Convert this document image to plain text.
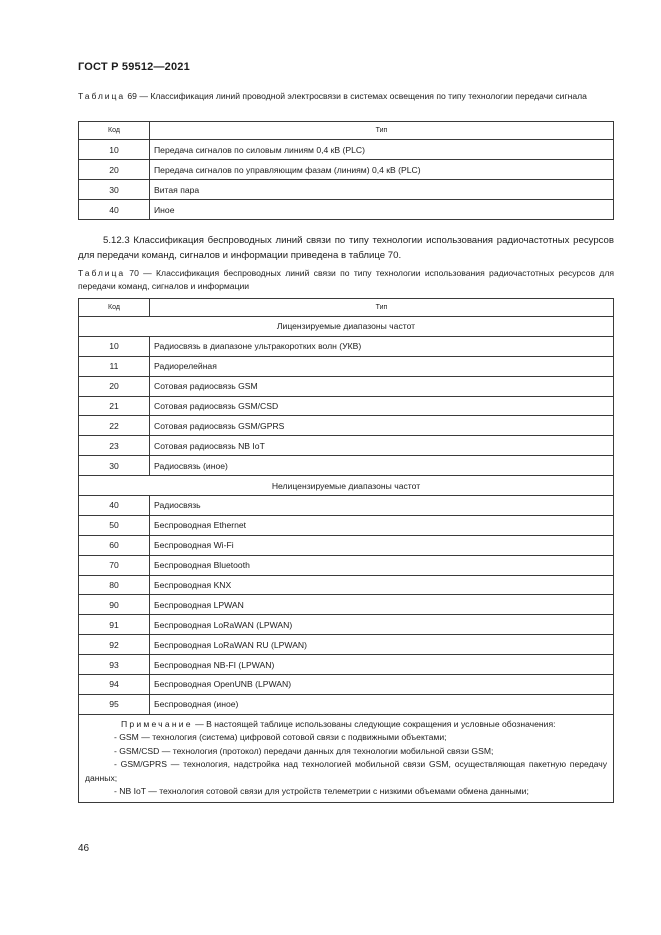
ГОСТ Р 59512—2021
Таблица 69 — Классификация линий проводной электросвязи в системах освещения по типу технологии передачи сигнала
Код	Тип
10	Передача сигналов по силовым линиям 0,4 кВ (PLC)
20	Передача сигналов по управляющим фазам (линиям) 0,4 кВ (PLC)
30	Витая пара
40	Иное
5.12.3 Классификация беспроводных линий связи по типу технологии использования радиочастотных ресурсов для передачи команд, сигналов и информации приведена в таблице 70.
Таблица 70 — Классификация беспроводных линий связи по типу технологии использования радиочастотных ресурсов для передачи команд, сигналов и информации
Код	Тип
Лицензируемые диапазоны частот	
10	Радиосвязь в диапазоне ультракоротких волн (УКВ)
11	Радиорелейная
20	Сотовая радиосвязь GSM
21	Сотовая радиосвязь GSM/CSD
22	Сотовая радиосвязь GSM/GPRS
23	Сотовая радиосвязь NB IoT
30	Радиосвязь (иное)
Нелицензируемые диапазоны частот	
40	Радиосвязь
50	Беспроводная Ethernet
60	Беспроводная Wi-Fi
70	Беспроводная Bluetooth
80	Беспроводная KNX
90	Беспроводная LPWAN
91	Беспроводная LoRaWAN (LPWAN)
92	Беспроводная LoRaWAN RU (LPWAN)
93	Беспроводная NB-FI (LPWAN)
94	Беспроводная OpenUNB (LPWAN)
95	Беспроводная (иное)

Примечание — В настоящей таблице использованы следующие сокращения и условные обозначения:

- GSM — технология (система) цифровой сотовой связи с подвижными объектами;

- GSM/CSD — технология (протокол) передачи данных для технологии мобильной связи GSM;

- GSM/GPRS — технология, надстройка над технологией мобильной связи GSM, осуществляющая пакетную передачу данных;

- NB IoT — технология сотовой связи для устройств телеметрии с низкими объемами обмена данными;	

46
